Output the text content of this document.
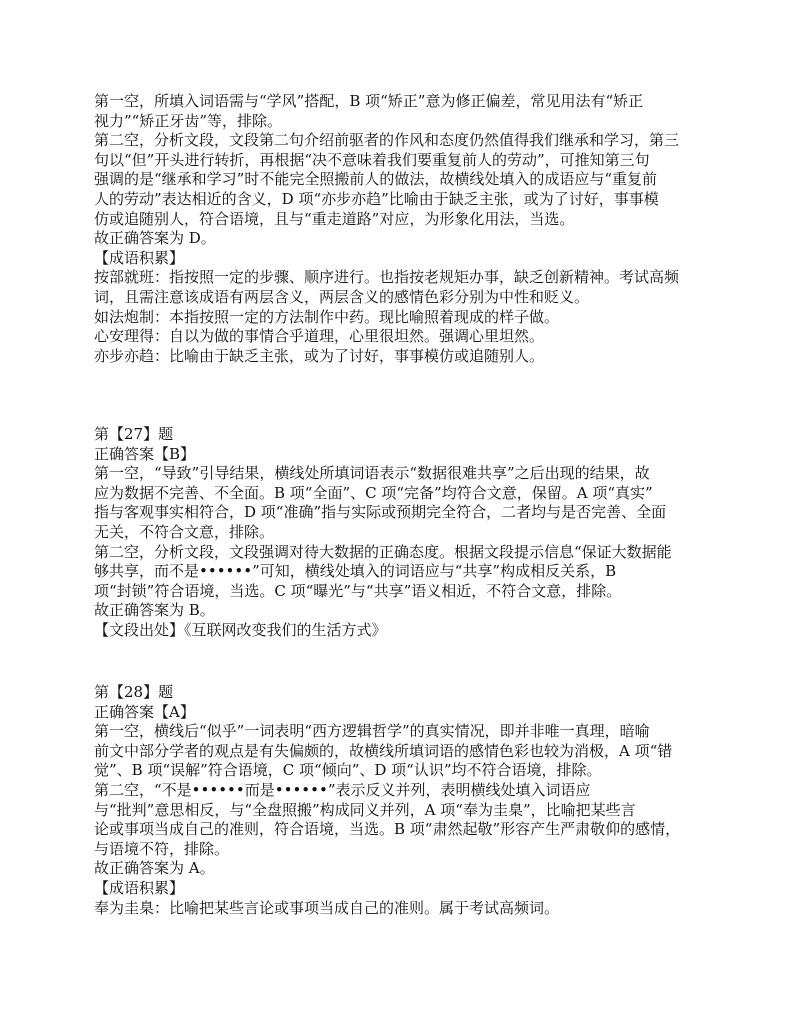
第一空，所填入词语需与“学风”搭配，B 项“矫正”意为修正偏差，常见用法有“矫正
视力”“矫正牙齿”等，排除。
第二空，分析文段，文段第二句介绍前驱者的作风和态度仍然值得我们继承和学习，第三
句以“但”开头进行转折，再根据“决不意味着我们要重复前人的劳动”，可推知第三句
强调的是“继承和学习”时不能完全照搬前人的做法，故横线处填入的成语应与“重复前
人的劳动”表达相近的含义，D 项“亦步亦趋”比喻由于缺乏主张，或为了讨好，事事模
仿或追随别人，符合语境，且与“重走道路”对应，为形象化用法，当选。
故正确答案为 D。
【成语积累】
按部就班：指按照一定的步骤、顺序进行。也指按老规矩办事，缺乏创新精神。考试高频
词，且需注意该成语有两层含义，两层含义的感情色彩分别为中性和贬义。
如法炮制：本指按照一定的方法制作中药。现比喻照着现成的样子做。
心安理得：自以为做的事情合乎道理，心里很坦然。强调心里坦然。
亦步亦趋：比喻由于缺乏主张，或为了讨好，事事模仿或追随别人。
第【27】题
正确答案【B】
第一空，“导致”引导结果，横线处所填词语表示“数据很难共享”之后出现的结果，故
应为数据不完善、不全面。B 项“全面”、C 项“完备”均符合文意，保留。A 项“真实”
指与客观事实相符合，D 项“准确”指与实际或预期完全符合，二者均与是否完善、全面
无关，不符合文意，排除。
第二空，分析文段，文段强调对待大数据的正确态度。根据文段提示信息“保证大数据能
够共享，而不是••••••”可知，横线处填入的词语应与“共享”构成相反关系，B
项“封锁”符合语境，当选。C 项“曝光”与“共享”语义相近，不符合文意，排除。
故正确答案为 B。
【文段出处】《互联网改变我们的生活方式》
第【28】题
正确答案【A】
第一空，横线后“似乎”一词表明“西方逻辑哲学”的真实情况，即并非唯一真理，暗喻
前文中部分学者的观点是有失偏颇的，故横线所填词语的感情色彩也较为消极，A 项“错
觉”、B 项“误解”符合语境，C 项“倾向”、D 项“认识”均不符合语境，排除。
第二空，“不是••••••而是••••••”表示反义并列，表明横线处填入词语应
与“批判”意思相反，与“全盘照搬”构成同义并列，A 项“奉为圭臬”，比喻把某些言
论或事项当成自己的准则，符合语境，当选。B 项“肃然起敬”形容产生严肃敬仰的感情，
与语境不符，排除。
故正确答案为 A。
【成语积累】
奉为圭臬：比喻把某些言论或事项当成自己的准则。属于考试高频词。
